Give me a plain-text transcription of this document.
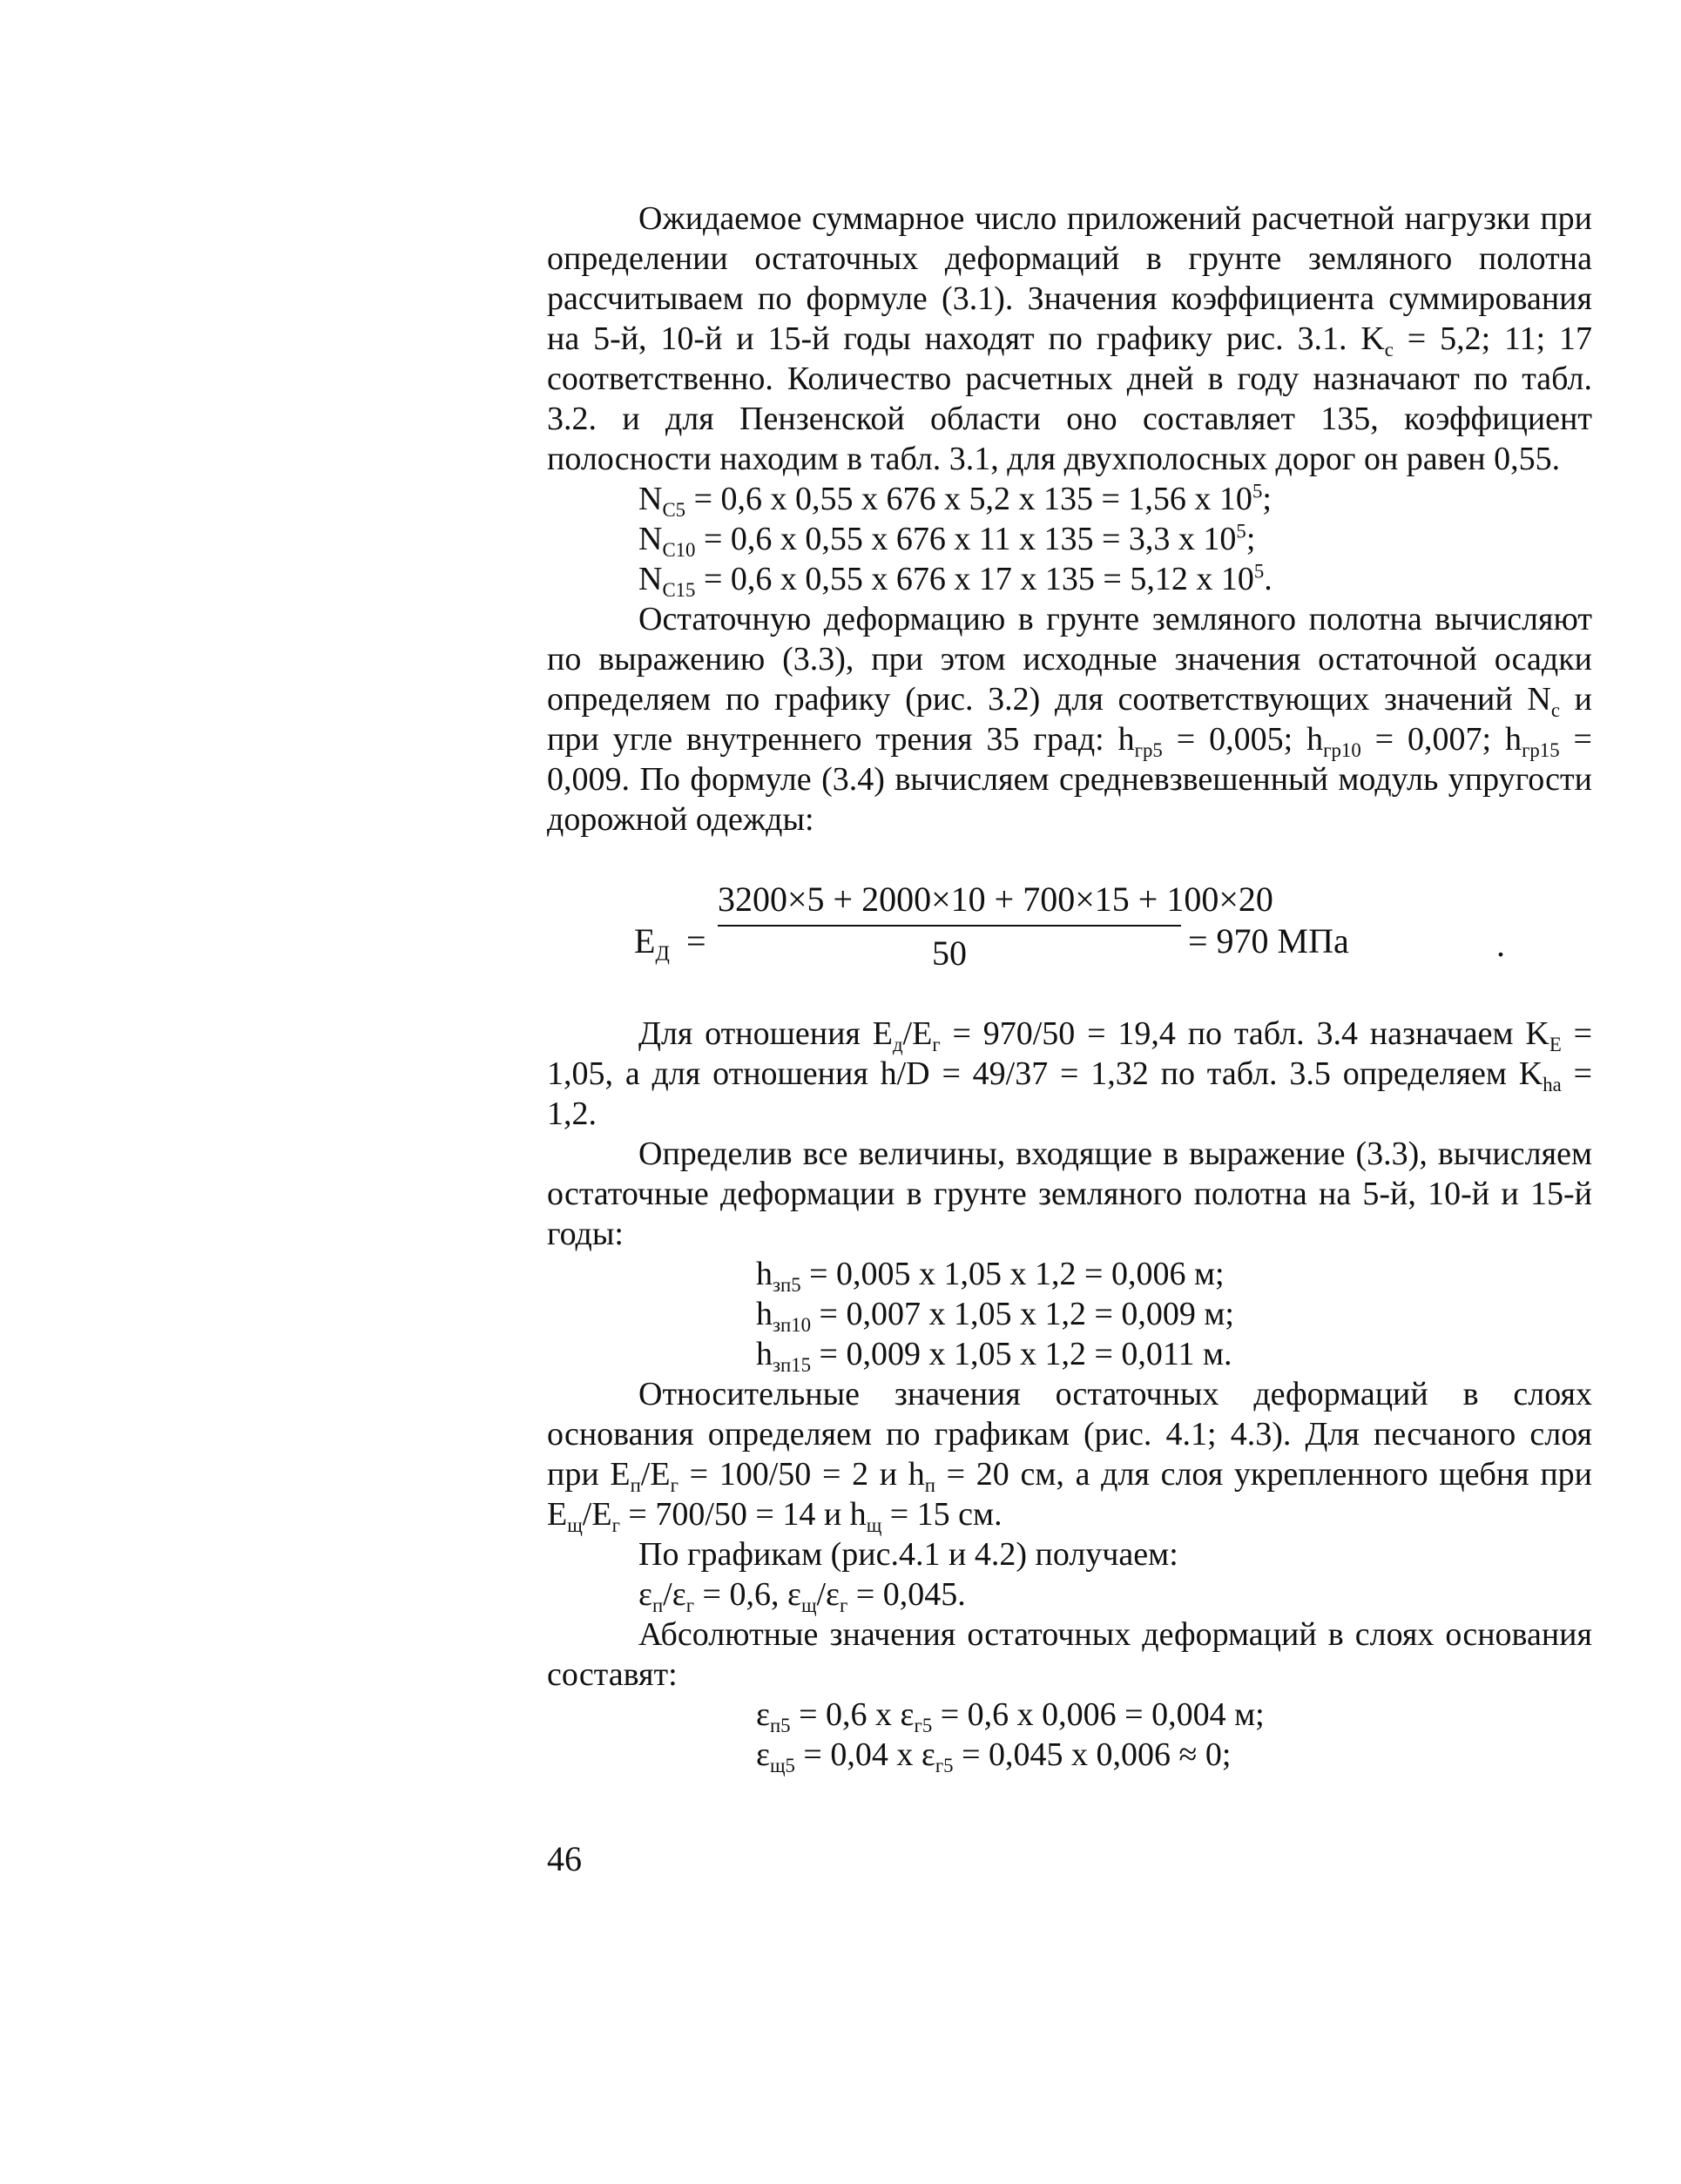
Ожидаемое суммарное число приложений расчетной нагрузки при определении остаточных деформаций в грунте земляного полотна рассчитываем по формуле (3.1). Значения коэффициента суммирования на 5-й, 10-й и 15-й годы находят по графику рис. 3.1. $K_с = 5,2$; 11; 17 соответственно. Количество расчетных дней в году назначают по табл. 3.2. и для Пензенской области оно составляет 135, коэффициент полосности находим в табл. 3.1, для двухполосных дорог он равен 0,55.

$N_{C5} = 0,6$ x 0,55 x 676 x 5,2 x 135 = 1,56 x $10^5$;
$N_{C10} = 0,6$ x 0,55 x 676 x 11 x 135 = 3,3 x $10^5$;
$N_{C15} = 0,6$ x 0,55 x 676 x 17 x 135 = 5,12 x $10^5$.

Остаточную деформацию в грунте земляного полотна вычисляют по выражению (3.3), при этом исходные значения остаточной осадки определяем по графику (рис. 3.2) для соответствующих значений $N_с$ и при угле внутреннего трения 35 град: $h_{гр5} = 0,005$; $h_{гр10} = 0,007$; $h_{гр15} = 0,009$. По формуле (3.4) вычисляем средневзвешенный модуль упругости дорожной одежды:

$E_Д$ =
3200×5 + 2000×10 + 700×15 + 100×20
50	= 970 МПа	.

Для отношения $E_д/E_г = 970/50 = 19,4$ по табл. 3.4 назначаем $K_E = 1,05$, а для отношения h/D = 49/37 = 1,32 по табл. 3.5 определяем $K_{hа} = 1,2$.

Определив все величины, входящие в выражение (3.3), вычисляем остаточные деформации в грунте земляного полотна на 5-й, 10-й и 15-й годы:

$h_{зп5} = 0,005$ x 1,05 x 1,2 = 0,006 м;
$h_{зп10} = 0,007$ x 1,05 x 1,2 = 0,009 м;
$h_{зп15} = 0,009$ x 1,05 x 1,2 = 0,011 м.

Относительные значения остаточных деформаций в слоях основания определяем по графикам (рис. 4.1; 4.3). Для песчаного слоя при $E_п/E_г = 100/50 = 2$ и $h_п = 20$ см, а для слоя укрепленного щебня при $E_щ/E_г = 700/50 = 14$ и $h_щ = 15$ см.

По графикам (рис.4.1 и 4.2) получаем:

$\varepsilon_п/\varepsilon_г = 0,6$, $\varepsilon_щ/\varepsilon_г = 0,045$.

Абсолютные значения остаточных деформаций в слоях основания составят:

$\varepsilon_{п5} = 0,6$ x $\varepsilon_{г5} = 0,6$ x 0,006 = 0,004 м;
$\varepsilon_{щ5} = 0,04$ x $\varepsilon_{г5} = 0,045$ x 0,006 ≈ 0;
46
